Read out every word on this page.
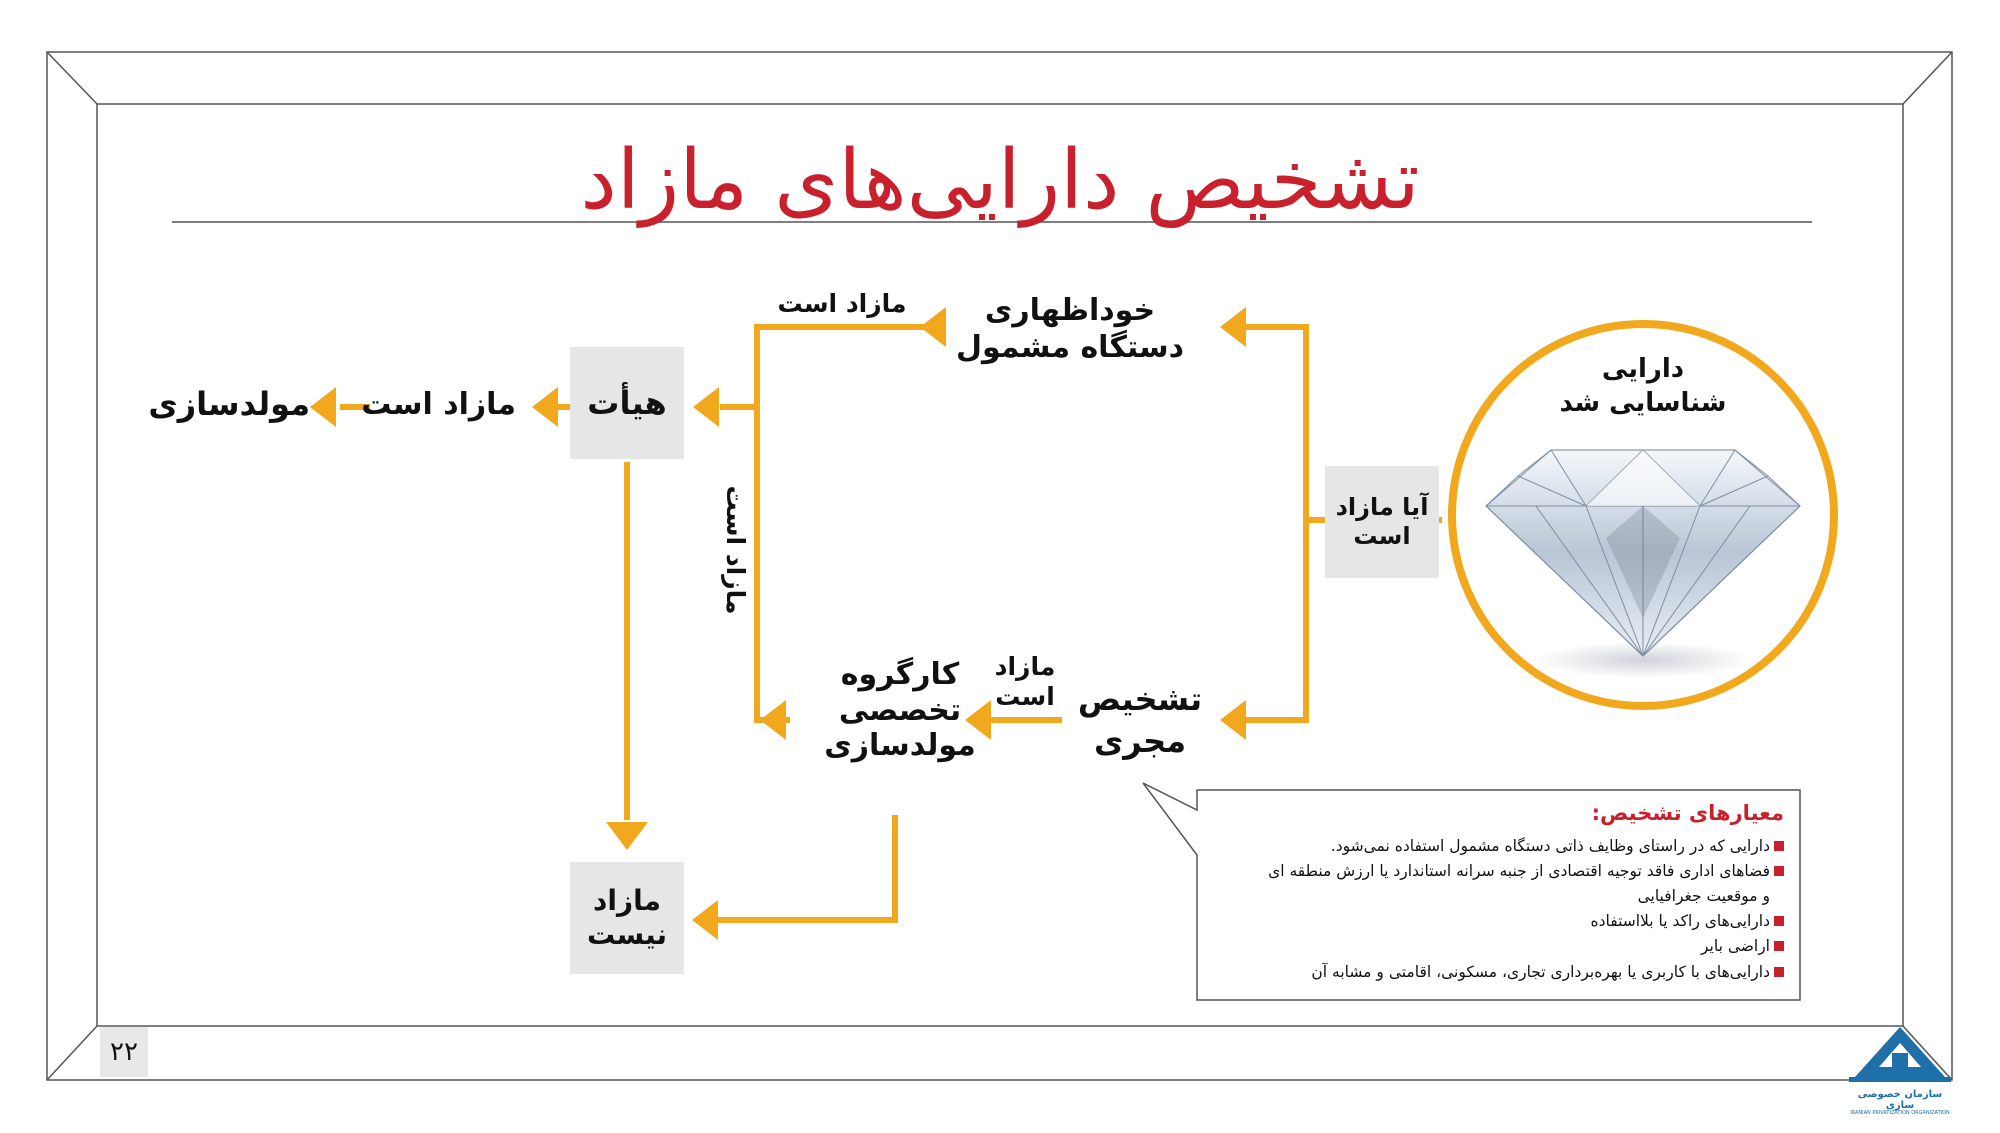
تشخیص دارایی‌های مازاد
دارایی
شناسایی شد
آیا مازاد
است
خوداظهاری
دستگاه مشمول
تشخیص
مجری
کارگروه
تخصصی
مولدسازی
هیأت
مازاد
نیست
مولدسازی
مازاد است
مازاد است
مازاد است
مازاد
است
معیارهای تشخیص:
دارایی که در راستای وظایف ذاتی دستگاه مشمول استفاده نمی‌شود.
فضاهای اداری فاقد توجیه اقتصادی از جنبه سرانه استاندارد یا ارزش منطقه ای
و موقعیت جغرافیایی
دارایی‌های راکد یا بلااستفاده
اراضی بایر
دارایی‌های با کاربری یا بهره‌برداری تجاری، مسکونی، اقامتی و مشابه آن
۲۲
سازمان خصوصی سازی
IRANIAN PRIVATIZATION ORGANIZATION
